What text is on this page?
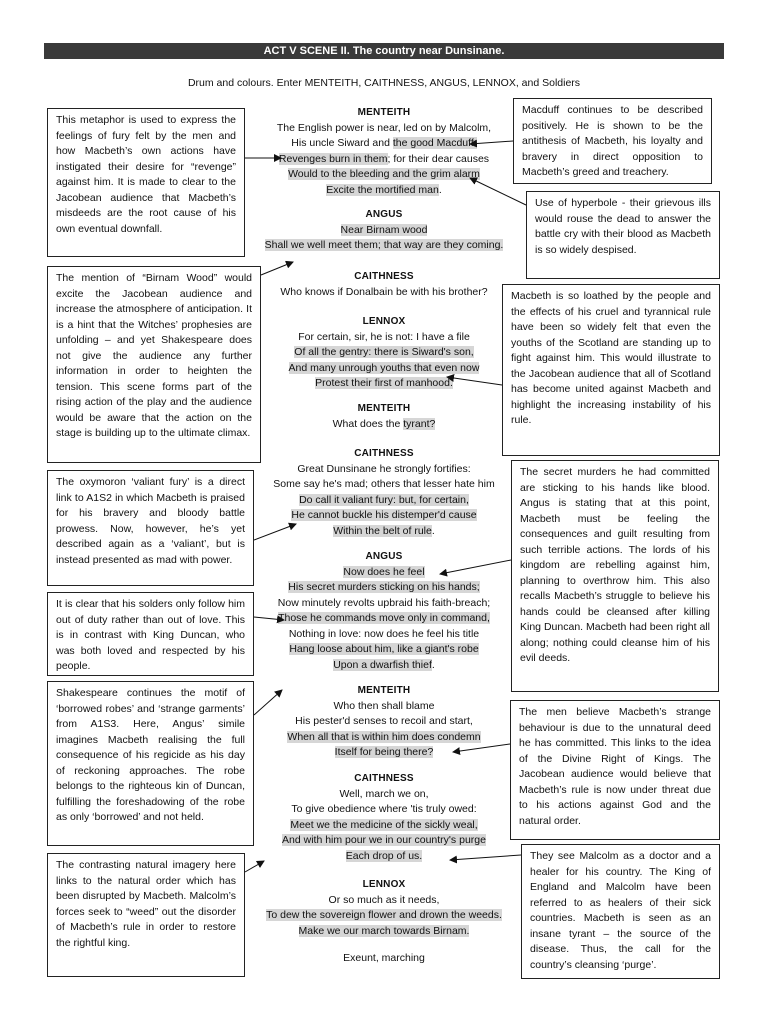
ACT V SCENE II. The country near Dunsinane.
Drum and colours. Enter MENTEITH, CAITHNESS, ANGUS, LENNOX, and Soldiers
MENTEITH
The English power is near, led on by Malcolm,
His uncle Siward and the good Macduff:
Revenges burn in them; for their dear causes
Would to the bleeding and the grim alarm
Excite the mortified man.
ANGUS
Near Birnam wood
Shall we well meet them; that way are they coming.
CAITHNESS
Who knows if Donalbain be with his brother?
LENNOX
For certain, sir, he is not: I have a file
Of all the gentry: there is Siward's son,
And many unrough youths that even now
Protest their first of manhood.
MENTEITH
What does the tyrant?
CAITHNESS
Great Dunsinane he strongly fortifies:
Some say he's mad; others that lesser hate him
Do call it valiant fury: but, for certain,
He cannot buckle his distemper'd cause
Within the belt of rule.
ANGUS
Now does he feel
His secret murders sticking on his hands;
Now minutely revolts upbraid his faith-breach;
Those he commands move only in command,
Nothing in love: now does he feel his title
Hang loose about him, like a giant's robe
Upon a dwarfish thief.
MENTEITH
Who then shall blame
His pester'd senses to recoil and start,
When all that is within him does condemn
Itself for being there?
CAITHNESS
Well, march we on,
To give obedience where 'tis truly owed:
Meet we the medicine of the sickly weal,
And with him pour we in our country's purge
Each drop of us.
LENNOX
Or so much as it needs,
To dew the sovereign flower and drown the weeds.
Make we our march towards Birnam.
Exeunt, marching
This metaphor is used to express the feelings of fury felt by the men and how Macbeth’s own actions have instigated their desire for “revenge” against him. It is made to clear to the Jacobean audience that Macbeth’s misdeeds are the root cause of his own eventual downfall.
The mention of “Birnam Wood” would excite the Jacobean audience and increase the atmosphere of anticipation. It is a hint that the Witches’ prophesies are unfolding – and yet Shakespeare does not give the audience any further information in order to heighten the tension. This scene forms part of the rising action of the play and the audience would be aware that the action on the stage is building up to the ultimate climax.
The oxymoron ‘valiant fury’ is a direct link to A1S2 in which Macbeth is praised for his bravery and bloody battle prowess. Now, however, he’s yet described again as a ‘valiant’, but is instead presented as mad with power.
It is clear that his solders only follow him out of duty rather than out of love. This is in contrast with King Duncan, who was both loved and respected by his people.
Shakespeare continues the motif of ‘borrowed robes’ and ‘strange garments’ from A1S3. Here, Angus’ simile imagines Macbeth realising the full consequence of his regicide as his day of reckoning approaches. The robe belongs to the righteous kin of Duncan, fulfilling the foreshadowing of the robe as only ‘borrowed’ and not held.
The contrasting natural imagery here links to the natural order which has been disrupted by Macbeth. Malcolm’s forces seek to “weed” out the disorder of Macbeth’s rule in order to restore the rightful king.
Macduff continues to be described positively. He is shown to be the antithesis of Macbeth, his loyalty and bravery in direct opposition to Macbeth’s greed and treachery.
Use of hyperbole - their grievous ills would rouse the dead to answer the battle cry with their blood as Macbeth is so widely despised.
Macbeth is so loathed by the people and the effects of his cruel and tyrannical rule have been so widely felt that even the youths of the Scotland are standing up to fight against him. This would illustrate to the Jacobean audience that all of Scotland has become united against Macbeth and highlight the increasing instability of his rule.
The secret murders he had committed are sticking to his hands like blood. Angus is stating that at this point, Macbeth must be feeling the consequences and guilt resulting from such terrible actions. The lords of his kingdom are rebelling against him, planning to overthrow him. This also recalls Macbeth’s struggle to believe his hands could be cleansed after killing King Duncan. Macbeth had been right all along; nothing could cleanse him of his evil deeds.
The men believe Macbeth’s strange behaviour is due to the unnatural deed he has committed. This links to the idea of the Divine Right of Kings. The Jacobean audience would believe that Macbeth’s rule is now under threat due to his actions against God and the natural order.
They see Malcolm as a doctor and a healer for his country. The King of England and Malcolm have been referred to as healers of their sick countries. Macbeth is seen as an insane tyrant – the source of the disease. Thus, the call for the country’s cleansing ‘purge’.
